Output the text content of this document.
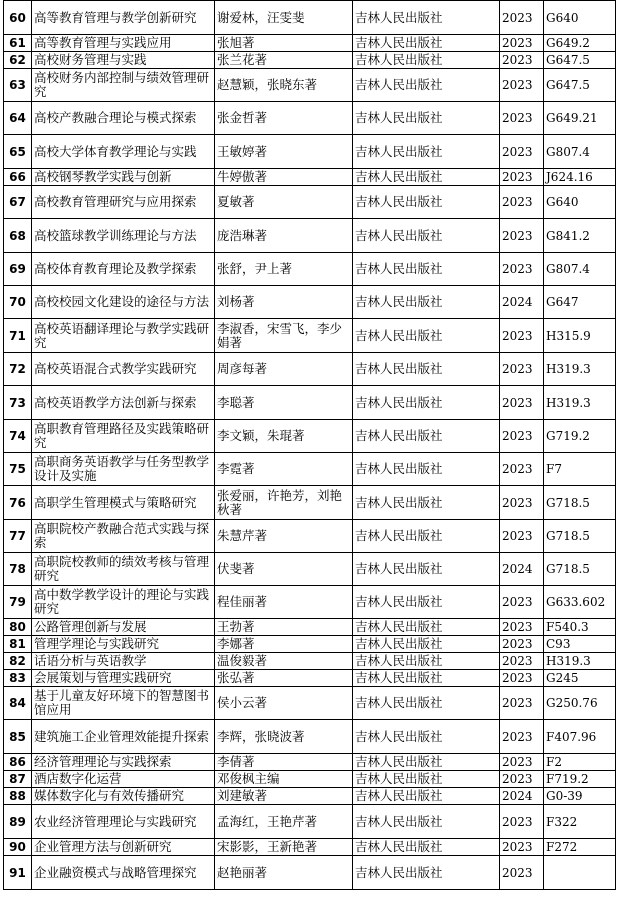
60	高等教育管理与教学创新研究	谢爱林，汪雯斐	吉林人民出版社	2023	G640
61	高等教育管理与实践应用	张旭著	吉林人民出版社	2023	G649.2
62	高校财务管理与实践	张兰花著	吉林人民出版社	2023	G647.5
63	高校财务内部控制与绩效管理研究	赵慧颖，张晓东著	吉林人民出版社	2023	G647.5
64	高校产教融合理论与模式探索	张金哲著	吉林人民出版社	2023	G649.21
65	高校大学体育教学理论与实践	王敏婷著	吉林人民出版社	2023	G807.4
66	高校钢琴教学实践与创新	牛婷傲著	吉林人民出版社	2023	J624.16
67	高校教育管理研究与应用探索	夏敏著	吉林人民出版社	2023	G640
68	高校篮球教学训练理论与方法	庞浩琳著	吉林人民出版社	2023	G841.2
69	高校体育教育理论及教学探索	张舒，尹上著	吉林人民出版社	2023	G807.4
70	高校校园文化建设的途径与方法	刘杨著	吉林人民出版社	2024	G647
71	高校英语翻译理论与教学实践研究	李淑香，宋雪飞，李少娟著	吉林人民出版社	2023	H315.9
72	高校英语混合式教学实践研究	周彦每著	吉林人民出版社	2023	H319.3
73	高校英语教学方法创新与探索	李聪著	吉林人民出版社	2023	H319.3
74	高职教育管理路径及实践策略研究	李文颖，朱琨著	吉林人民出版社	2023	G719.2
75	高职商务英语教学与任务型教学设计及实施	李霓著	吉林人民出版社	2023	F7
76	高职学生管理模式与策略研究	张爱丽，许艳芳，刘艳秋著	吉林人民出版社	2023	G718.5
77	高职院校产教融合范式实践与探索	朱慧芹著	吉林人民出版社	2023	G718.5
78	高职院校教师的绩效考核与管理研究	伏斐著	吉林人民出版社	2024	G718.5
79	高中数学教学设计的理论与实践研究	程佳丽著	吉林人民出版社	2023	G633.602
80	公路管理创新与发展	王勃著	吉林人民出版社	2023	F540.3
81	管理学理论与实践研究	李娜著	吉林人民出版社	2023	C93
82	话语分析与英语教学	温俊毅著	吉林人民出版社	2023	H319.3
83	会展策划与管理实践研究	张弘著	吉林人民出版社	2023	G245
84	基于儿童友好环境下的智慧图书馆应用	侯小云著	吉林人民出版社	2023	G250.76
85	建筑施工企业管理效能提升探索	李辉，张晓波著	吉林人民出版社	2023	F407.96
86	经济管理理论与实践探索	李倩著	吉林人民出版社	2023	F2
87	酒店数字化运营	邓俊枫主编	吉林人民出版社	2023	F719.2
88	媒体数字化与有效传播研究	刘建敏著	吉林人民出版社	2024	G0-39
89	农业经济管理理论与实践研究	孟海红，王艳芹著	吉林人民出版社	2023	F322
90	企业管理方法与创新研究	宋影影，王新艳著	吉林人民出版社	2023	F272
91	企业融资模式与战略管理探究	赵艳丽著	吉林人民出版社	2023	
